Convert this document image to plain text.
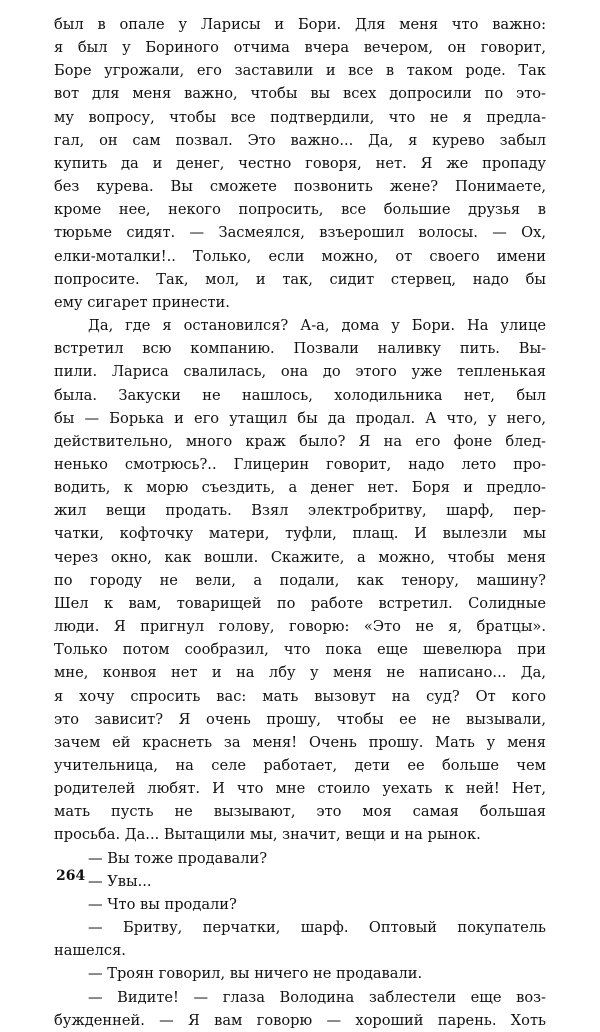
был в опале у Ларисы и Бори. Для меня что важно:
я был у Бориного отчима вчера вечером, он говорит,
Боре угрожали, его заставили и все в таком роде. Так
вот для меня важно, чтобы вы всех допросили по это-
му вопросу, чтобы все подтвердили, что не я предла-
гал, он сам позвал. Это важно... Да, я курево забыл
купить да и денег, честно говоря, нет. Я же пропаду
без курева. Вы сможете позвонить жене? Понимаете,
кроме нее, некого попросить, все большие друзья в
тюрьме сидят. — Засмеялся, взъерошил волосы. — Ох,
елки-моталки!.. Только, если можно, от своего имени
попросите. Так, мол, и так, сидит стервец, надо бы
ему сигарет принести.
Да, где я остановился? А-а, дома у Бори. На улице
встретил всю компанию. Позвали наливку пить. Вы-
пили. Лариса свалилась, она до этого уже тепленькая
была. Закуски не нашлось, холодильника нет, был
бы — Борька и его утащил бы да продал. А что, у него,
действительно, много краж было? Я на его фоне блед-
ненько смотрюсь?.. Глицерин говорит, надо лето про-
водить, к морю съездить, а денег нет. Боря и предло-
жил вещи продать. Взял электробритву, шарф, пер-
чатки, кофточку матери, туфли, плащ. И вылезли мы
через окно, как вошли. Скажите, а можно, чтобы меня
по городу не вели, а подали, как тенору, машину?
Шел к вам, товарищей по работе встретил. Солидные
люди. Я пригнул голову, говорю: «Это не я, братцы».
Только потом сообразил, что пока еще шевелюра при
мне, конвоя нет и на лбу у меня не написано... Да,
я хочу спросить вас: мать вызовут на суд? От кого
это зависит? Я очень прошу, чтобы ее не вызывали,
зачем ей краснеть за меня! Очень прошу. Мать у меня
учительница, на селе работает, дети ее больше чем
родителей любят. И что мне стоило уехать к ней! Нет,
мать пусть не вызывают, это моя самая большая
просьба. Да... Вытащили мы, значит, вещи и на рынок.
— Вы тоже продавали?
— Увы...
— Что вы продали?
— Бритву, перчатки, шарф. Оптовый покупатель
нашелся.
— Троян говорил, вы ничего не продавали.
— Видите! — глаза Володина заблестели еще воз-
бужденней. — Я вам говорю — хороший парень. Хоть
264
